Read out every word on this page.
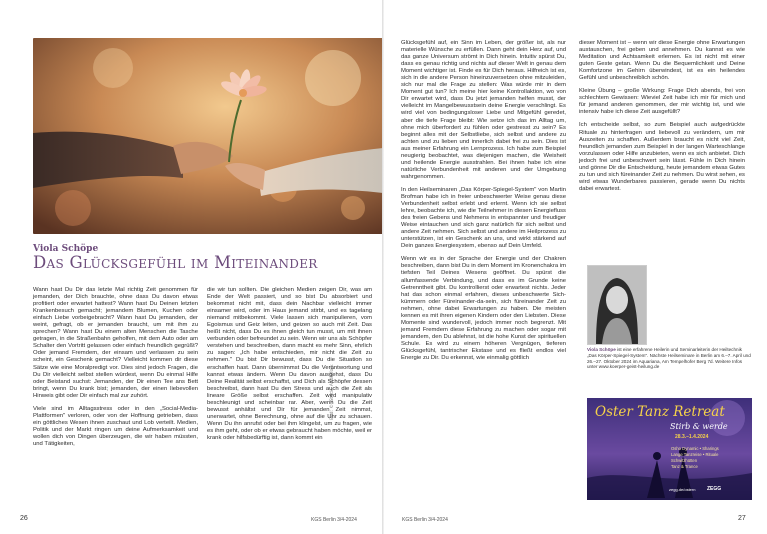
Bild: © iStock, Addoffork
Viola Schöpe
Das Glücksgefühl im Miteinander

Wann hast Du Dir das letzte Mal richtig Zeit genommen für jemanden, der Dich brauchte, ohne dass Du davon etwas profitiert oder erwartet hattest? Wann hast Du Deinen letzten Krankenbesuch gemacht; jemandem Blumen, Kuchen oder einfach Liebe vorbeigebracht? Wann hast Du jemanden, der weint, gefragt, ob er jemanden braucht, um mit ihm zu sprechen? Wann hast Du einem alten Menschen die Tasche getragen, in die Straßenbahn geholfen, mit dem Auto oder am Schalter den Vortritt gelassen oder einfach freundlich gegrüßt? Oder jemand Fremdem, der einsam und verlassen zu sein scheint, ein Geschenk gemacht? Vielleicht kommen dir diese Sätze wie eine Moralpredigt vor. Dies sind jedoch Fragen, die Du Dir vielleicht selbst stellen würdest, wenn Du einmal Hilfe oder Beistand suchst: Jemanden, der Dir einen Tee ans Bett bringt, wenn Du krank bist; jemanden, der einen liebevollen Hinweis gibt oder Dir einfach mal zur zuhört.

Viele sind im Alltagsstress oder in den „Social-Media-Plattformen" verloren, oder von der Hoffnung getrieben, dass ein göttliches Wesen ihnen zuschaut und Lob verteilt. Medien, Politik und der Markt ringen um deine Aufmerksamkeit und wollen dich von Dingen überzeugen, die wir haben müssten, und Tätigkeiten,

die wir tun sollten. Die gleichen Medien zeigen Dir, was am Ende der Welt passiert, und so bist Du absorbiert und bekommst nicht mit, dass dein Nachbar vielleicht immer einsamer wird, oder im Haus jemand stirbt, und es tagelang niemand mitbekommt. Viele lassen sich manipulieren, vom Egoismus und Geiz leiten, und geizen so auch mit Zeit. Das heißt nicht, dass Du es ihnen gleich tun musst, um mit ihnen verbunden oder befreundet zu sein. Wenn wir uns als Schöpfer verstehen und beschreiben, dann macht es mehr Sinn, ehrlich zu sagen: „Ich habe entschieden, mir nicht die Zeit zu nehmen." Du bist Dir bewusst, dass Du die Situation so erschaffen hast. Dann übernimmst Du die Verantwortung und kannst etwas ändern. Wenn Du davon ausgehst, dass Du Deine Realität selbst erschaffst, und Dich als Schöpfer dessen beschreibst, dann hast Du den Stress und auch die Zeit als lineare Größe selbst erschaffen. Zeit wird manipulativ beschleunigt und scheinbar rar. Aber, wenn Du die Zeit bewusst anhältst und Dir für jemanden Zeit nimmst, unerwartet, ohne Berechnung, ohne auf die Uhr zu schauen. Wenn Du ihn anrufst oder bei ihm klingelst, um zu fragen, wie es ihm geht, oder ob er etwas gebraucht haben möchte, weil er krank oder hilfsbedürftig ist, dann kommt ein

26	KGS Berlin 3/4-2024

Glücksgefühl auf, ein Sinn im Leben, der größer ist, als nur materielle Wünsche zu erfüllen. Dann geht dein Herz auf, und das ganze Universum strömt in Dich hinein. Intuitiv spürst Du, dass es genau richtig und nichts auf dieser Welt in genau dem Moment wichtiger ist. Finde es für Dich heraus. Hilfreich ist es, sich in die andere Person hineinzuversetzen ohne mitzuleiden, sich nur mal die Frage zu stellen: Was würde mir in dem Moment gut tun? Ich meine hier keine Kontrollaktion, wo von Dir erwartet wird, dass Du jetzt jemanden helfen musst, der vielleicht im Mangelbewusstsein deine Energie verschlingt. Es wird viel von bedingungsloser Liebe und Mitgefühl geredet, aber die tiefe Frage bleibt: Wie setze ich das im Alltag um, ohne mich überfordert zu fühlen oder gestresst zu sein? Es beginnt alles mit der Selbstliebe, sich selbst und andere zu achten und zu lieben und innerlich dabei frei zu sein. Dies ist aus meiner Erfahrung ein Lernprozess. Ich habe zum Beispiel neugierig beobachtet, was diejenigen machen, die Weisheit und heilende Energie ausstrahlen. Bei ihnen habe ich eine natürliche Verbundenheit mit anderen und der Umgebung wahrgenommen.

In den Heilseminaren „Das Körper-Spiegel-System" von Martin Brofman habe ich in freier unbeschwerter Weise genau diese Verbundenheit selbst erlebt und erlernt. Wenn ich sie selbst lehre, beobachte ich, wie die Teilnehmer in diesen Energiefluss des freien Gebens und Nehmens in entspannter und freudiger Weise eintauchen und sich ganz natürlich für sich selbst und andere Zeit nehmen. Sich selbst und andere im Heilprozess zu unterstützen, ist ein Geschenk an uns, und wirkt stärkend auf Dein ganzes Energiesystem, ebenso auf Dein Umfeld.

Wenn wir es in der Sprache der Energie und der Chakren beschreiben, dann bist Du in dem Moment im Kronenchakra im tiefsten Teil Deines Wesens geöffnet. Du spürst die allumfassende Verbindung, und dass es im Grunde keine Getrenntheit gibt. Du kontrollierst oder erwartest nichts. Jeder hat das schon einmal erfahren, dieses unbeschwerte Sich-kümmern oder Füreinander-da-sein, sich füreinander Zeit zu nehmen, ohne dabei Erwartungen zu haben. Die meisten kennen es mit ihren eigenen Kindern oder den Liebsten. Diese Momente sind wundervoll, jedoch immer noch begrenzt. Mit jemand Fremdem diese Erfahrung zu machen oder sogar mit jemandem, den Du ablehnst, ist die hohe Kunst der spirituellen Schule. Es wird zu einem höheren Vergnügen, tieferen Glücksgefühl, tantrischer Ekstase und es fließt endlos viel Energie zu Dir. Du erkennst, wie einmalig göttlich

dieser Moment ist – wenn wir diese Energie ohne Erwartungen austauschen, frei geben und annehmen. Du kannst es wie Meditation und Achtsamkeit erlernen. Es ist nicht mit einer guten Geste getan. Wenn Du die Bequemlichkeit und Deine Komfortzone im Gehirn überwindest, ist es ein heilendes Gefühl und unbeschreiblich schön.

Kleine Übung – große Wirkung: Frage Dich abends, frei von schlechtem Gewissen: Wieviel Zeit habe ich mir für mich und für jemand anderen genommen, der mir wichtig ist, und wie intensiv habe ich diese Zeit ausgefüllt?

Ich entscheide selbst, so zum Beispiel auch aufgedrückte Rituale zu hinterfragen und liebevoll zu verändern, um mir Auszeiten zu schaffen. Außerdem braucht es nicht viel Zeit, freundlich jemanden zum Beispiel in der langen Warteschlange vorzulassen oder Hilfe anzubieten, wenn es sich anbietet. Dich jedoch frei und unbeschwert sein lässt. Fühle in Dich hinein und gönne Dir die Entscheidung, heute jemandem etwas Gutes zu tun und sich füreinander Zeit zu nehmen. Du wirst sehen, es wird etwas Wunderbares passieren, gerade wenn Du nichts dabei erwartest.

27
KGS Berlin 3/4-2024
Viola Schöpe ist eine erfahrene Heilerin und Seminarleiterin der Heiltechnik „Das Körper-Spiegel-System". Nächste Heilseminare in Berlin am 6.–7. April und 26.–27. Oktober 2024 im Aquariana, Am Tempelhofer Berg 7d. Weitere Infos unter www.koerper-geist-heilung.de
Oster Tanz Retreat
Stirb & werde
28.3.–1.4.2024
Osho Dynamic • Sharings
Lange Tanzreise • Rituale
Schwitzhütten
Tanz & Trance
zegg.de/ostern ZEGG
